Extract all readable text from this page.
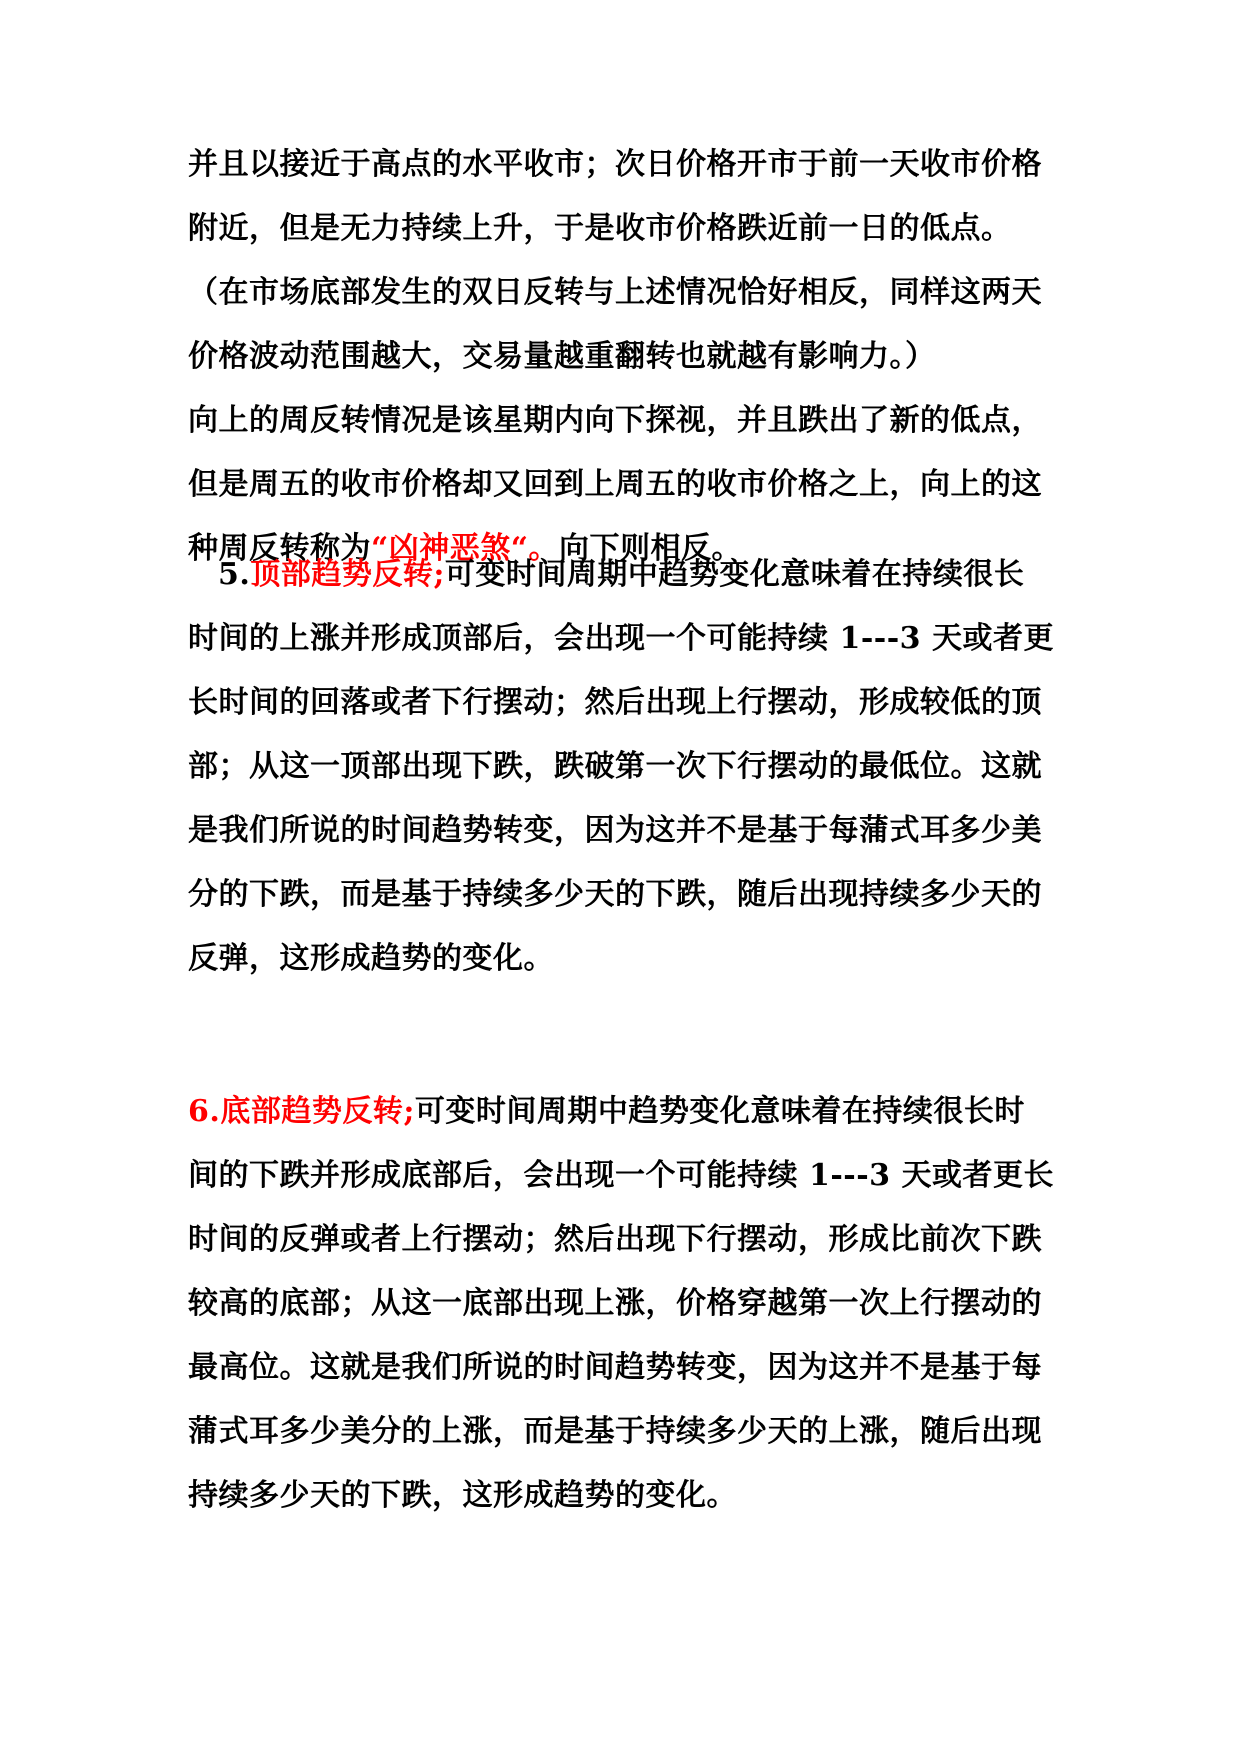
并且以接近于高点的水平收市；次日价格开市于前一天收市价格
附近，但是无力持续上升，于是收市价格跌近前一日的低点。
（在市场底部发生的双日反转与上述情况恰好相反，同样这两天
价格波动范围越大，交易量越重翻转也就越有影响力。）
向上的周反转情况是该星期内向下探视，并且跌出了新的低点，
但是周五的收市价格却又回到上周五的收市价格之上，向上的这
种周反转称为“凶神恶煞“。向下则相反。
5.顶部趋势反转;可变时间周期中趋势变化意味着在持续很长
时间的上涨并形成顶部后，会出现一个可能持续 1---3 天或者更
长时间的回落或者下行摆动；然后出现上行摆动，形成较低的顶
部；从这一顶部出现下跌，跌破第一次下行摆动的最低位。这就
是我们所说的时间趋势转变，因为这并不是基于每蒲式耳多少美
分的下跌，而是基于持续多少天的下跌，随后出现持续多少天的
反弹，这形成趋势的变化。
6.底部趋势反转;可变时间周期中趋势变化意味着在持续很长时
间的下跌并形成底部后，会出现一个可能持续 1---3 天或者更长
时间的反弹或者上行摆动；然后出现下行摆动，形成比前次下跌
较高的底部；从这一底部出现上涨，价格穿越第一次上行摆动的
最高位。这就是我们所说的时间趋势转变，因为这并不是基于每
蒲式耳多少美分的上涨，而是基于持续多少天的上涨，随后出现
持续多少天的下跌，这形成趋势的变化。
